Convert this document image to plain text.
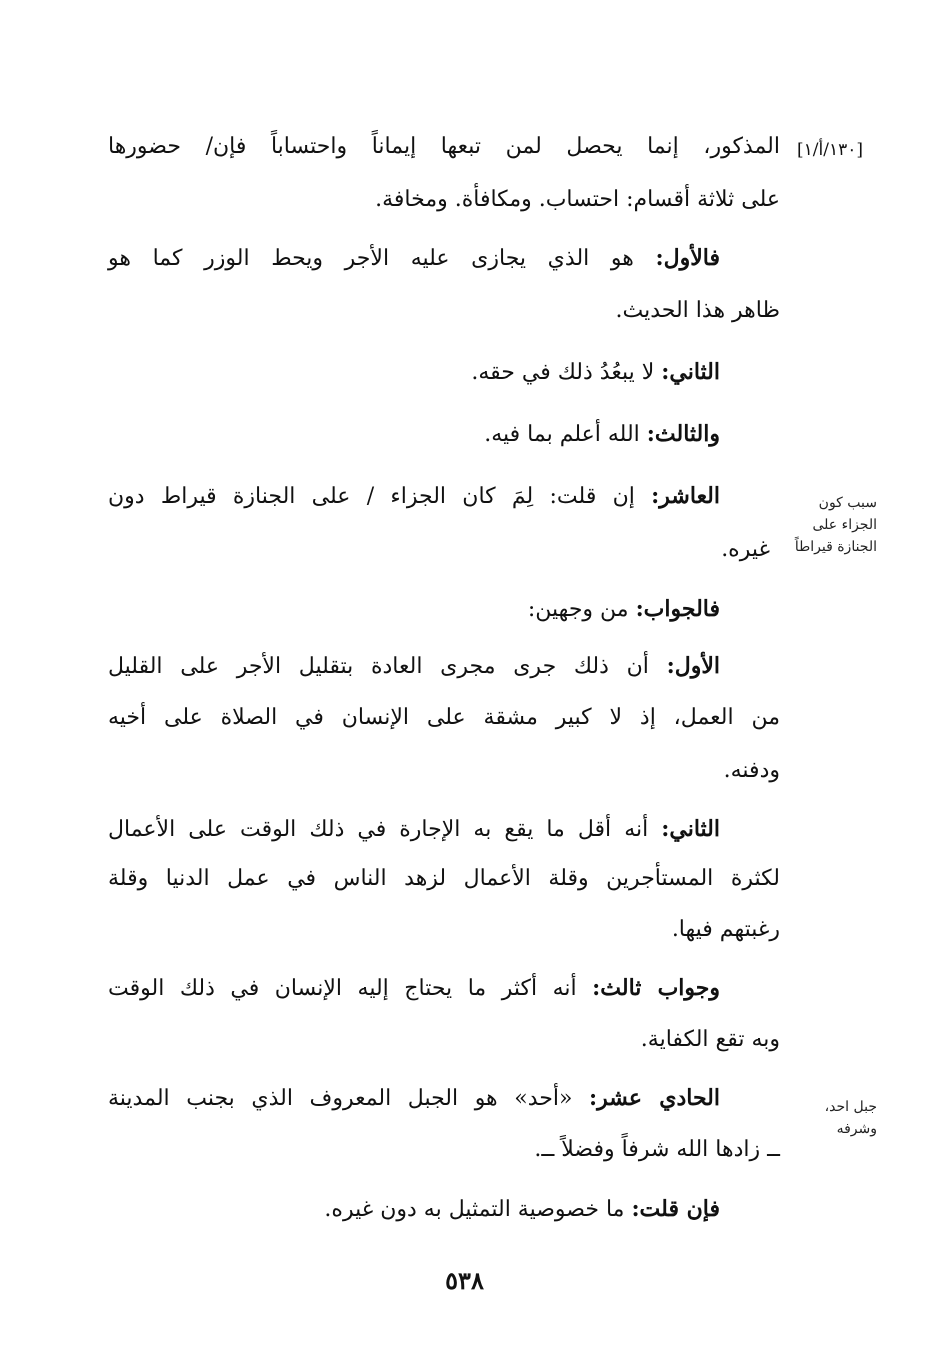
[١٣٠/أ/١]
المذكور، إنما يحصل لمن تبعها إيماناً واحتساباً فإن/ حضورها
على ثلاثة أقسام: احتساب. ومكافأة. ومخافة.
فالأول: هو الذي يجازى عليه الأجر ويحط الوزر كما هو
ظاهر هذا الحديث.
الثاني: لا يبعُدُ ذلك في حقه.
والثالث: الله أعلم بما فيه.
العاشر: إن قلت: لِمَ كان الجزاء / على الجنازة قيراط دون
غيره.
فالجواب: من وجهين:
الأول: أن ذلك جرى مجرى العادة بتقليل الأجر على القليل
من العمل، إذ لا كبير مشقة على الإنسان في الصلاة على أخيه
ودفنه.
الثاني: أنه أقل ما يقع به الإجارة في ذلك الوقت على الأعمال
لكثرة المستأجرين وقلة الأعمال لزهد الناس في عمل الدنيا وقلة
رغبتهم فيها.
وجواب ثالث: أنه أكثر ما يحتاج إليه الإنسان في ذلك الوقت
وبه تقع الكفاية.
الحادي عشر: «أحد» هو الجبل المعروف الذي بجنب المدينة
ــ زادها الله شرفاً وفضلاً ــ.
فإن قلت: ما خصوصية التمثيل به دون غيره.
سبب كون
الجزاء على
الجنازة قيراطاً
جبل احد،
وشرفه
٥٣٨
